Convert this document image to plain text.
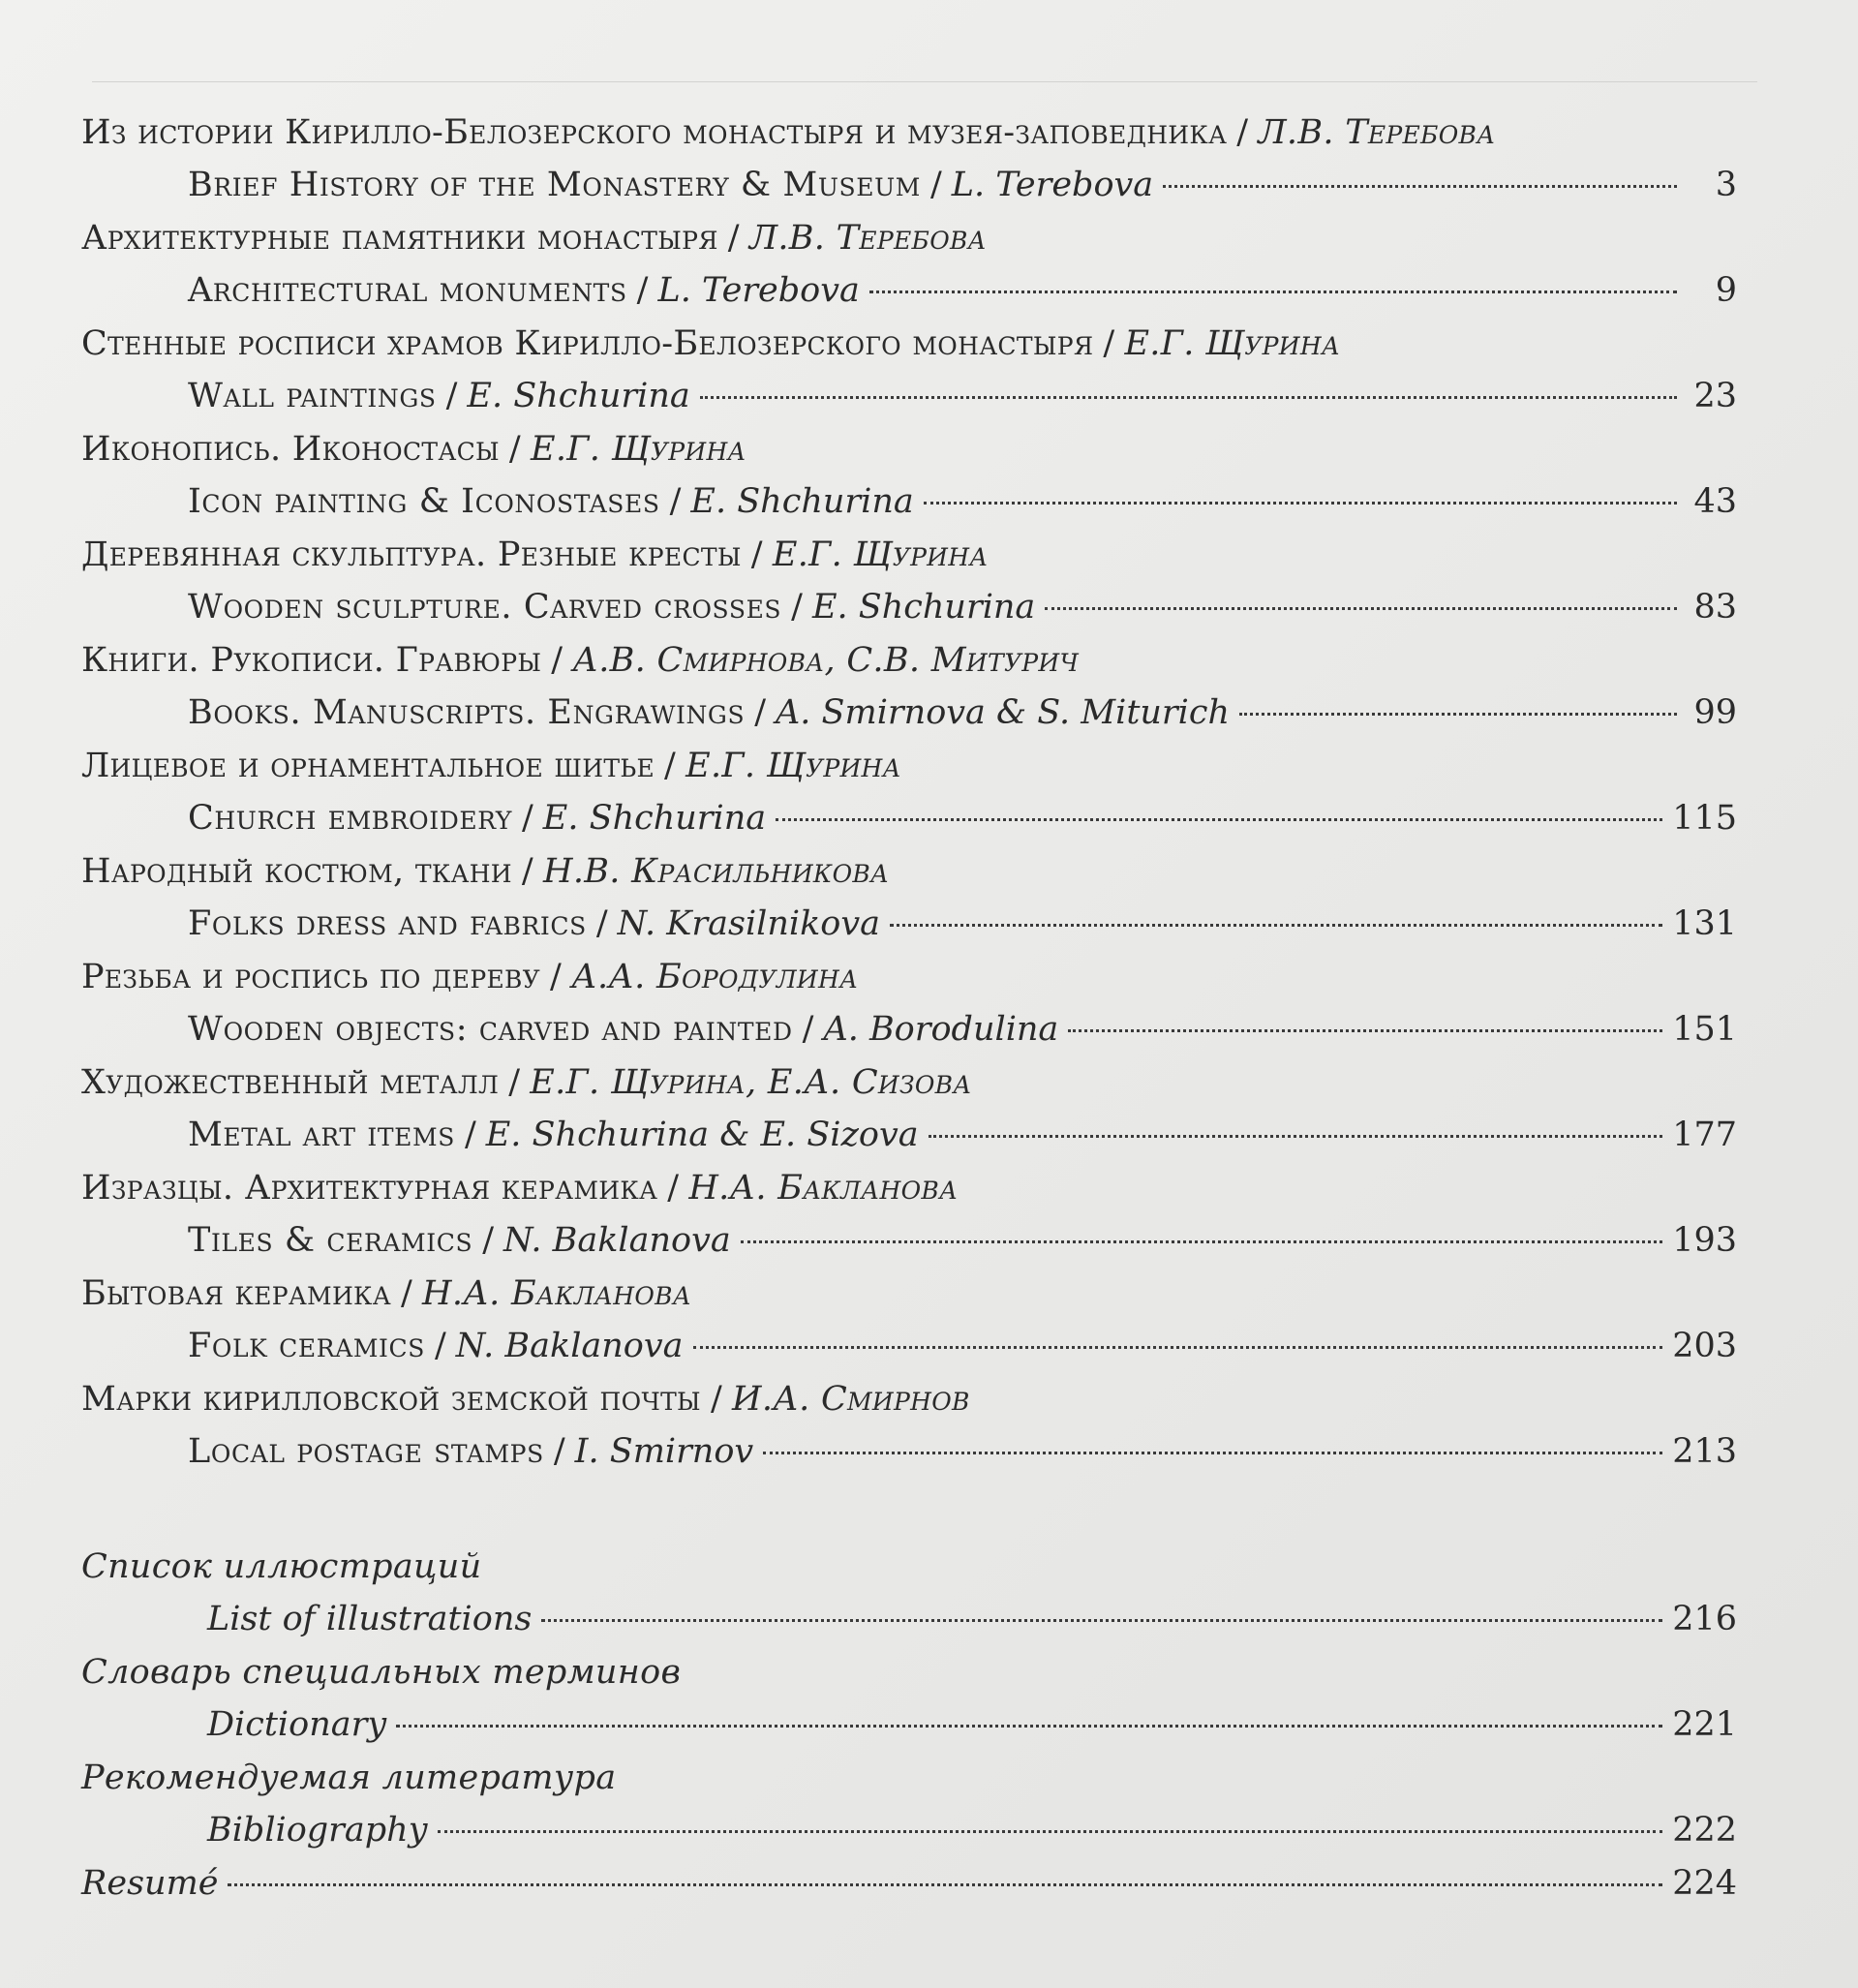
Из истории Кирилло-Белозерского монастыря и музея-заповедника / Л.В. Теребова
Brief History of the Monastery & Museum / L. Terebova	3
Архитектурные памятники монастыря / Л.В. Теребова
Architectural monuments / L. Terebova	9
Стенные росписи храмов Кирилло-Белозерского монастыря / Е.Г. Щурина
Wall paintings / E. Shchurina	23
Иконопись. Иконостасы / Е.Г. Щурина
Icon painting & Iconostases / E. Shchurina	43
Деревянная скульптура. Резные кресты / Е.Г. Щурина
Wooden sculpture. Carved crosses / E. Shchurina	83
Книги. Рукописи. Гравюры / А.В. Смирнова, С.В. Митурич
Books. Manuscripts. Engrawings / A. Smirnova & S. Miturich	99
Лицевое и орнаментальное шитье / Е.Г. Щурина
Church embroidery / E. Shchurina	115
Народный костюм, ткани / Н.В. Красильникова
Folks dress and fabrics / N. Krasilnikova	131
Резьба и роспись по дереву / А.А. Бородулина
Wooden objects: carved and painted / A. Borodulina	151
Художественный металл / Е.Г. Щурина, Е.А. Сизова
Metal art items / E. Shchurina & E. Sizova	177
Изразцы. Архитектурная керамика / Н.А. Бакланова
Tiles & ceramics / N. Baklanova	193
Бытовая керамика / Н.А. Бакланова
Folk ceramics / N. Baklanova	203
Марки кирилловской земской почты / И.А. Смирнов
Local postage stamps / I. Smirnov	213
Список иллюстраций
List of illustrations	216
Словарь специальных терминов
Dictionary	221
Рекомендуемая литература
Bibliography	222
Resumé	224
